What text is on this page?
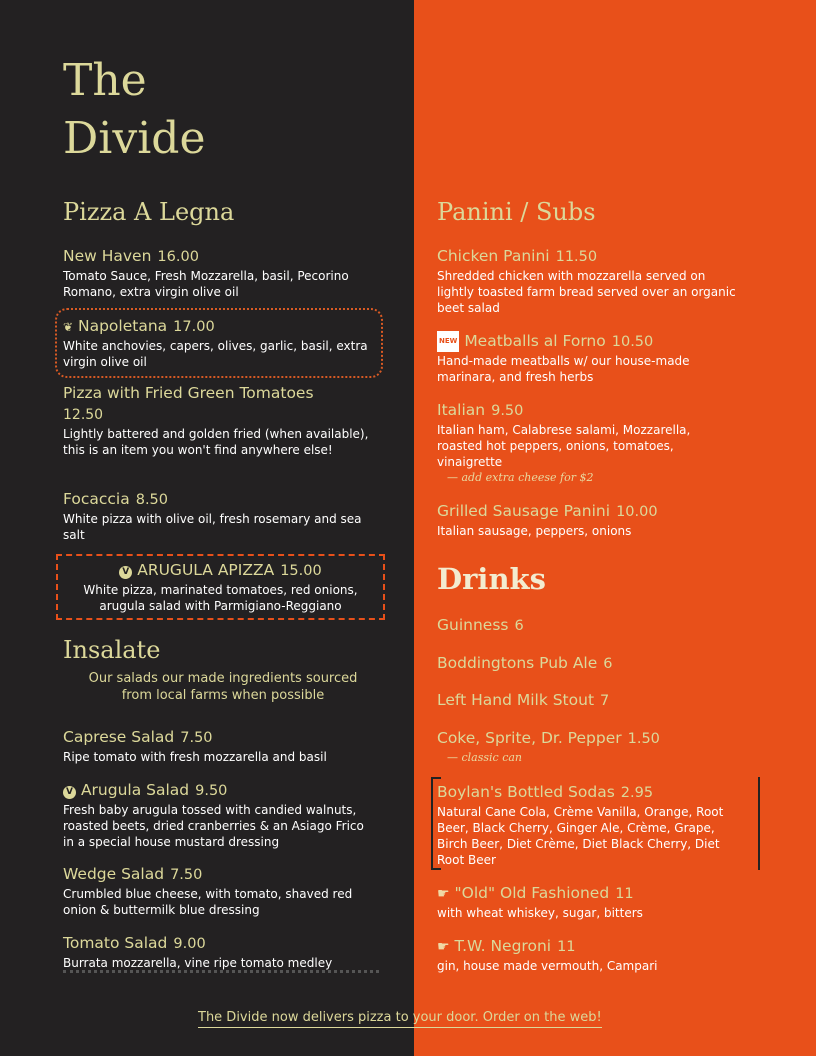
The
Divide
Pizza A Legna
New Haven 16.00
Tomato Sauce, Fresh Mozzarella, basil, Pecorino Romano, extra virgin olive oil
❦ Napoletana 17.00
White anchovies, capers, olives, garlic, basil, extra virgin olive oil
Pizza with Fried Green Tomatoes
12.50
Lightly battered and golden fried (when available), this is an item you won't find anywhere else!
Focaccia 8.50
White pizza with olive oil, fresh rosemary and sea salt
V ARUGULA APIZZA 15.00
White pizza, marinated tomatoes, red onions, arugula salad with Parmigiano-Reggiano
Insalate
Our salads our made ingredients sourced from local farms when possible
Caprese Salad 7.50
Ripe tomato with fresh mozzarella and basil
V Arugula Salad 9.50
Fresh baby arugula tossed with candied walnuts, roasted beets, dried cranberries & an Asiago Frico in a special house mustard dressing
Wedge Salad 7.50
Crumbled blue cheese, with tomato, shaved red onion & buttermilk blue dressing
Tomato Salad 9.00
Burrata mozzarella, vine ripe tomato medley
Panini / Subs
Chicken Panini 11.50
Shredded chicken with mozzarella served on lightly toasted farm bread served over an organic beet salad
NEW Meatballs al Forno 10.50
Hand-made meatballs w/ our house-made marinara, and fresh herbs
Italian 9.50
Italian ham, Calabrese salami, Mozzarella, roasted hot peppers, onions, tomatoes, vinaigrette
— add extra cheese for $2
Grilled Sausage Panini 10.00
Italian sausage, peppers, onions
Drinks
Guinness 6
Boddingtons Pub Ale 6
Left Hand Milk Stout 7
Coke, Sprite, Dr. Pepper 1.50
— classic can
Boylan's Bottled Sodas 2.95
Natural Cane Cola, Crème Vanilla, Orange, Root Beer, Black Cherry, Ginger Ale, Crème, Grape, Birch Beer, Diet Crème, Diet Black Cherry, Diet Root Beer
☛ "Old" Old Fashioned 11
with wheat whiskey, sugar, bitters
☛ T.W. Negroni 11
gin, house made vermouth, Campari
The Divide now delivers pizza to your door. Order on the web!
